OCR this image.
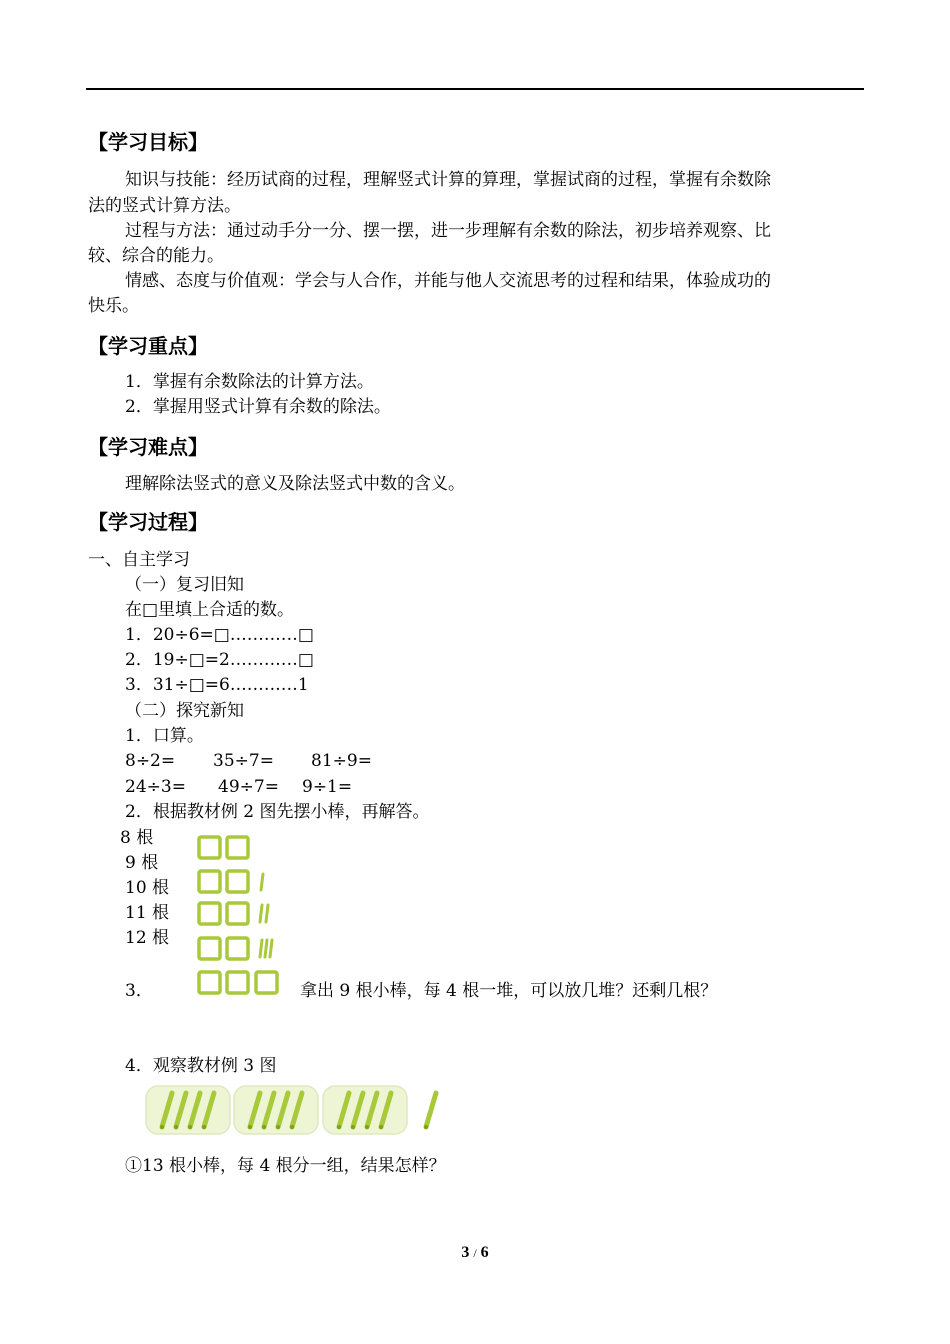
【学习目标】
知识与技能：经历试商的过程，理解竖式计算的算理，掌握试商的过程，掌握有余数除
法的竖式计算方法。
过程与方法：通过动手分一分、摆一摆，进一步理解有余数的除法，初步培养观察、比
较、综合的能力。
情感、态度与价值观：学会与人合作，并能与他人交流思考的过程和结果，体验成功的
快乐。
【学习重点】
1．掌握有余数除法的计算方法。
2．掌握用竖式计算有余数的除法。
【学习难点】
理解除法竖式的意义及除法竖式中数的含义。
【学习过程】
一、自主学习
（一）复习旧知
在□里填上合适的数。
1．20÷6=□‥‥‥‥‥‥□
2．19÷□=2‥‥‥‥‥‥□
3．31÷□=6‥‥‥‥‥‥1
（二）探究新知
1．口算。
8÷2= 35÷7= 81÷9=
24÷3= 49÷7= 9÷1=
2．根据教材例 2 图先摆小棒，再解答。
8 根
9 根
10 根
11 根
12 根
3．	拿出 9 根小棒，每 4 根一堆，可以放几堆？还剩几根？
4．观察教材例 3 图
①13 根小棒，每 4 根分一组，结果怎样？
3 / 6
